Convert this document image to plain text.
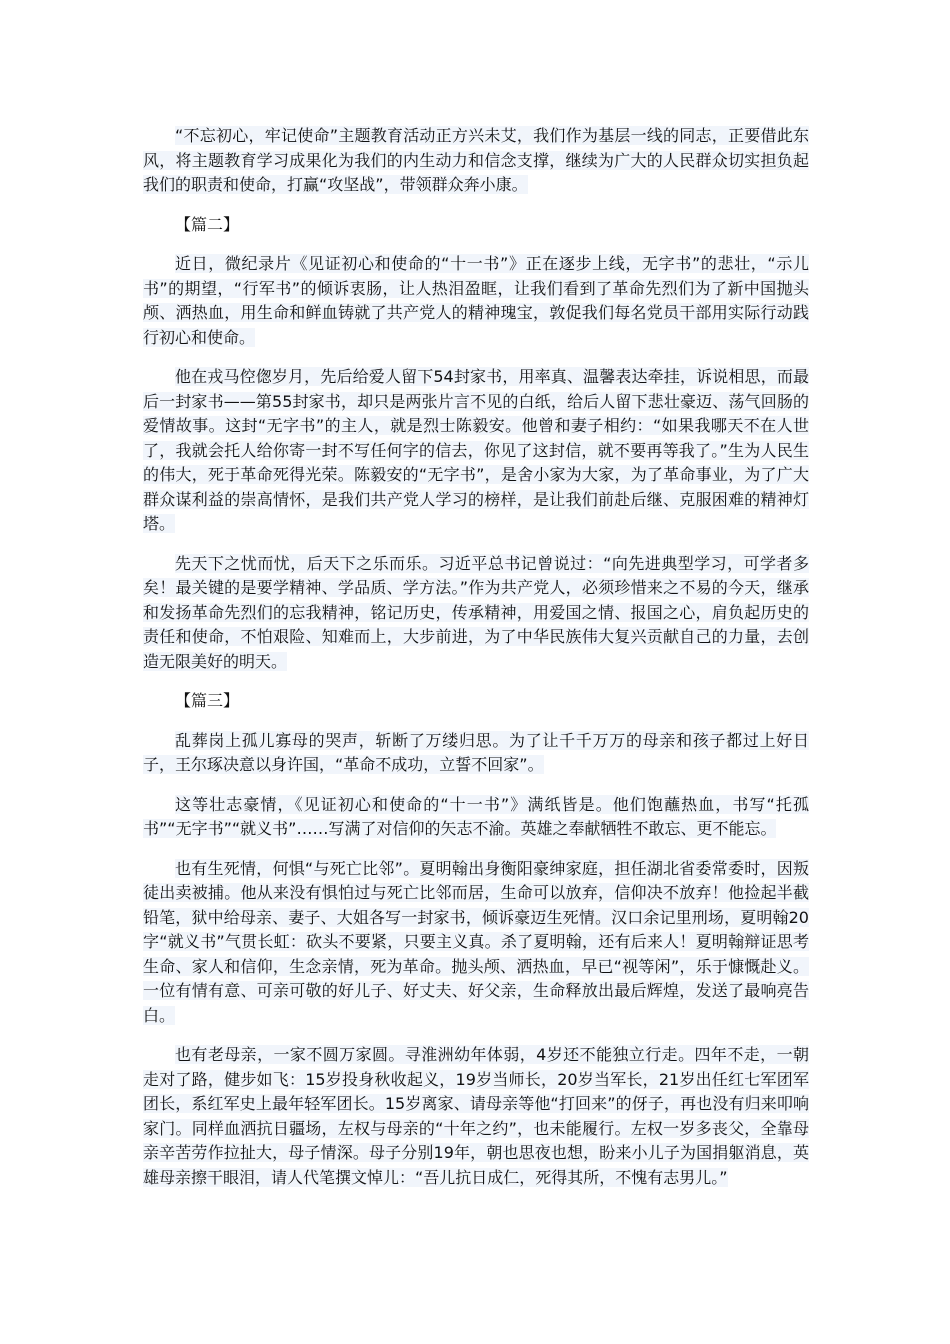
“不忘初心，牢记使命”主题教育活动正方兴未艾，我们作为基层一线的同志，正要借此东风，将主题教育学习成果化为我们的内生动力和信念支撑，继续为广大的人民群众切实担负起我们的职责和使命，打赢“攻坚战”，带领群众奔小康。

【篇二】

近日，微纪录片《见证初心和使命的“十一书”》正在逐步上线，无字书”的悲壮，“示儿书”的期望，“行军书”的倾诉衷肠，让人热泪盈眶，让我们看到了革命先烈们为了新中国抛头颅、洒热血，用生命和鲜血铸就了共产党人的精神瑰宝，敦促我们每名党员干部用实际行动践行初心和使命。

他在戎马倥偬岁月，先后给爱人留下54封家书，用率真、温馨表达牵挂，诉说相思，而最后一封家书——第55封家书，却只是两张片言不见的白纸，给后人留下悲壮豪迈、荡气回肠的爱情故事。这封“无字书”的主人，就是烈士陈毅安。他曾和妻子相约：“如果我哪天不在人世了，我就会托人给你寄一封不写任何字的信去，你见了这封信，就不要再等我了。”生为人民生的伟大，死于革命死得光荣。陈毅安的“无字书”，是舍小家为大家，为了革命事业，为了广大群众谋利益的崇高情怀，是我们共产党人学习的榜样，是让我们前赴后继、克服困难的精神灯塔。

先天下之忧而忧，后天下之乐而乐。习近平总书记曾说过：“向先进典型学习，可学者多矣！最关键的是要学精神、学品质、学方法。”作为共产党人，必须珍惜来之不易的今天，继承和发扬革命先烈们的忘我精神，铭记历史，传承精神，用爱国之情、报国之心，肩负起历史的责任和使命，不怕艰险、知难而上，大步前进，为了中华民族伟大复兴贡献自己的力量，去创造无限美好的明天。

【篇三】

乱葬岗上孤儿寡母的哭声，斩断了万缕归思。为了让千千万万的母亲和孩子都过上好日子，王尔琢决意以身许国，“革命不成功，立誓不回家”。

这等壮志豪情，《见证初心和使命的“十一书”》满纸皆是。他们饱蘸热血，书写“托孤书”“无字书”“就义书”……写满了对信仰的矢志不渝。英雄之奉献牺牲不敢忘、更不能忘。

也有生死情，何惧“与死亡比邻”。夏明翰出身衡阳豪绅家庭，担任湖北省委常委时，因叛徒出卖被捕。他从来没有惧怕过与死亡比邻而居，生命可以放弃，信仰决不放弃！他捡起半截铅笔，狱中给母亲、妻子、大姐各写一封家书，倾诉豪迈生死情。汉口余记里刑场，夏明翰20字“就义书”气贯长虹：砍头不要紧，只要主义真。杀了夏明翰，还有后来人！夏明翰辩证思考生命、家人和信仰，生念亲情，死为革命。抛头颅、洒热血，早已“视等闲”，乐于慷慨赴义。一位有情有意、可亲可敬的好儿子、好丈夫、好父亲，生命释放出最后辉煌，发送了最响亮告白。

也有老母亲，一家不圆万家圆。寻淮洲幼年体弱，4岁还不能独立行走。四年不走，一朝走对了路，健步如飞：15岁投身秋收起义，19岁当师长，20岁当军长，21岁出任红七军团军团长，系红军史上最年轻军团长。15岁离家、请母亲等他“打回来”的伢子，再也没有归来叩响家门。同样血洒抗日疆场，左权与母亲的“十年之约”，也未能履行。左权一岁多丧父，全靠母亲辛苦劳作拉扯大，母子情深。母子分别19年，朝也思夜也想，盼来小儿子为国捐躯消息，英雄母亲擦干眼泪，请人代笔撰文悼儿：“吾儿抗日成仁，死得其所，不愧有志男儿。”
